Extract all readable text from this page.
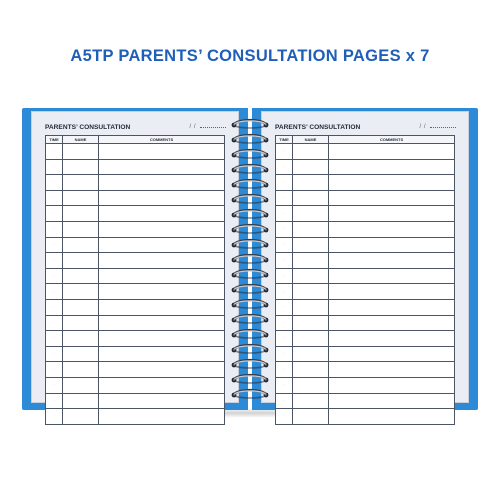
A5TP PARENTS’ CONSULTATION PAGES x 7
PARENTS’ CONSULTATION	/ /
TIME	NAME	COMMENTS
·		
·		
·		
·		
·		
·		
·		
·		
·		
·		
·		
·		
·		
·		
·		
·		
·		
·		
PARENTS’ CONSULTATION	/ /
TIME	NAME	COMMENTS
·		
·		
·		
·		
·		
·		
·		
·		
·		
·		
·		
·		
·		
·		
·		
·		
·		
·		
